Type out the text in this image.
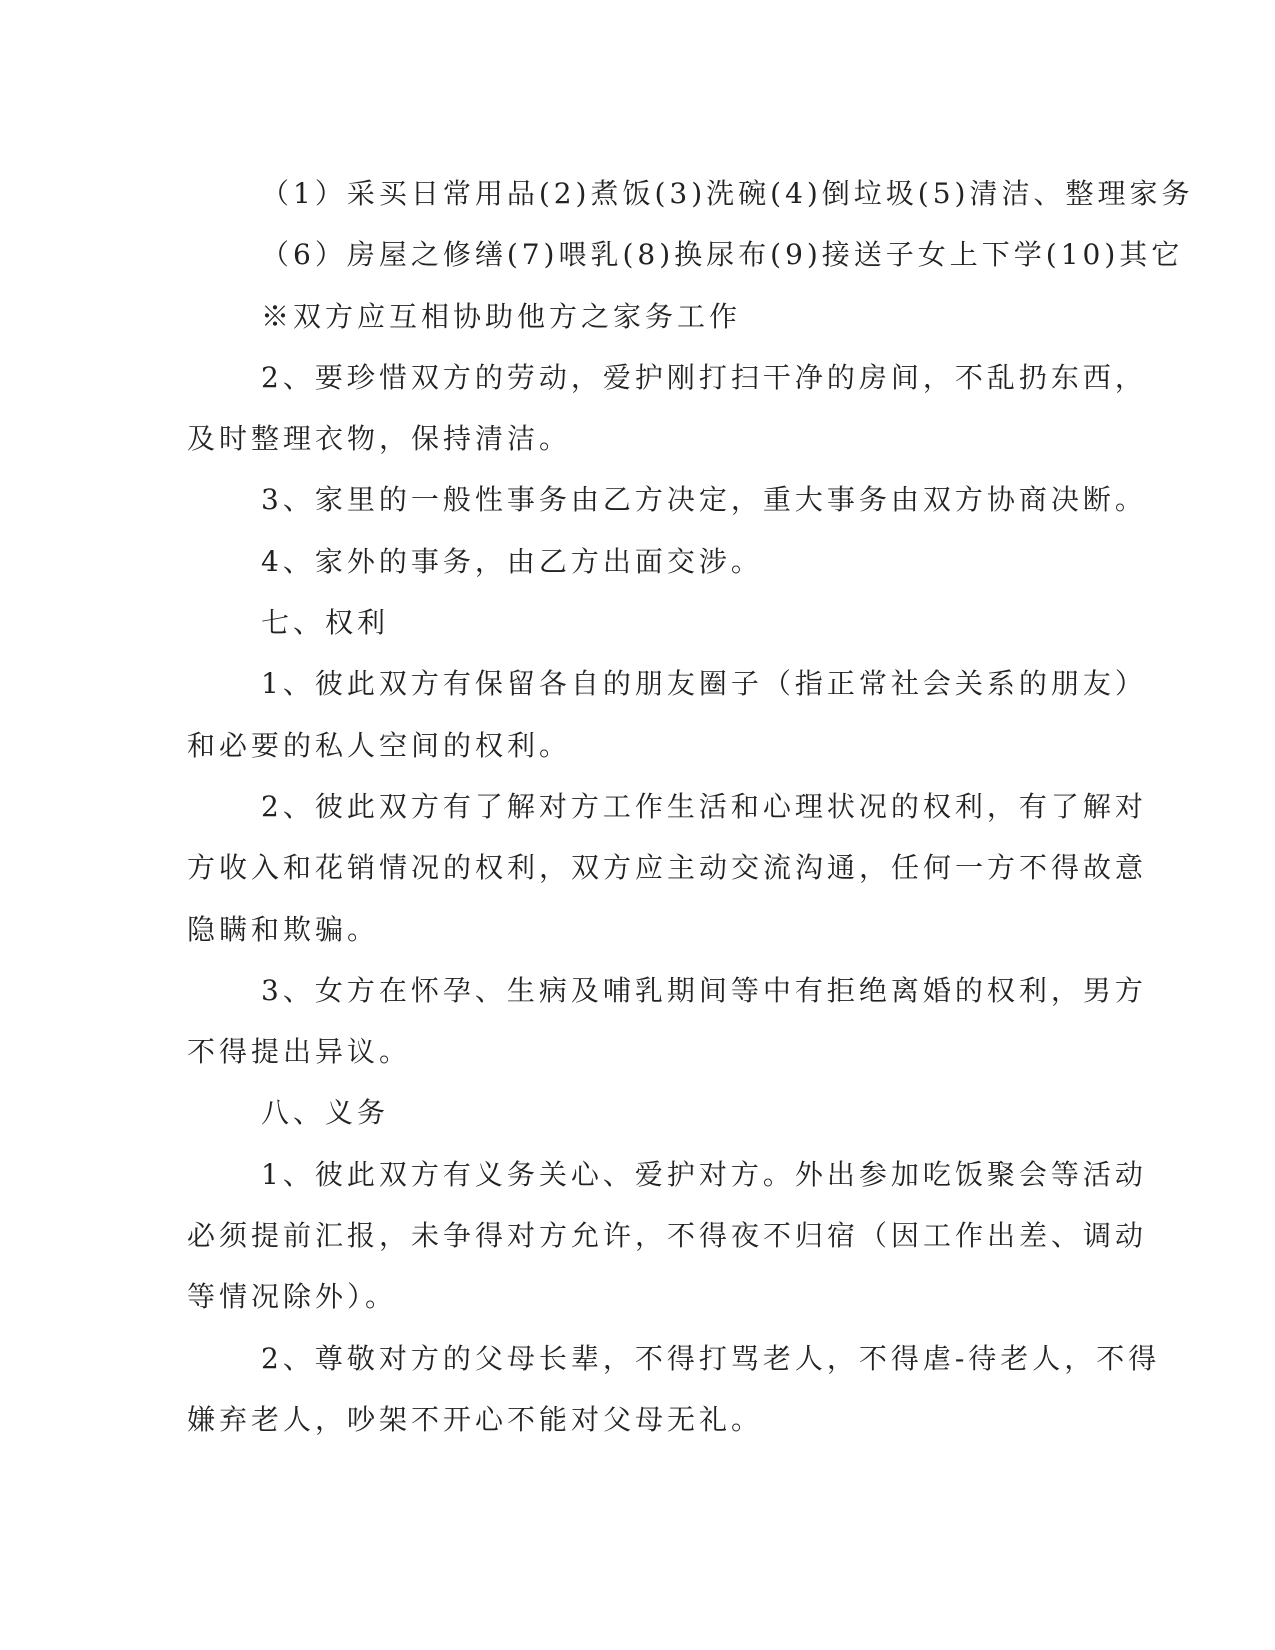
（1）采买日常用品(2)煮饭(3)洗碗(4)倒垃圾(5)清洁、整理家务

（6）房屋之修缮(7)喂乳(8)换尿布(9)接送子女上下学(10)其它

※双方应互相协助他方之家务工作

2、要珍惜双方的劳动，爱护刚打扫干净的房间，不乱扔东西，

及时整理衣物，保持清洁。

3、家里的一般性事务由乙方决定，重大事务由双方协商决断。

4、家外的事务，由乙方出面交涉。

七、权利

1、彼此双方有保留各自的朋友圈子（指正常社会关系的朋友）

和必要的私人空间的权利。

2、彼此双方有了解对方工作生活和心理状况的权利，有了解对

方收入和花销情况的权利，双方应主动交流沟通，任何一方不得故意

隐瞒和欺骗。

3、女方在怀孕、生病及哺乳期间等中有拒绝离婚的权利，男方

不得提出异议。

八、义务

1、彼此双方有义务关心、爱护对方。外出参加吃饭聚会等活动

必须提前汇报，未争得对方允许，不得夜不归宿（因工作出差、调动

等情况除外）。

2、尊敬对方的父母长辈，不得打骂老人，不得虐-待老人，不得

嫌弃老人，吵架不开心不能对父母无礼。
